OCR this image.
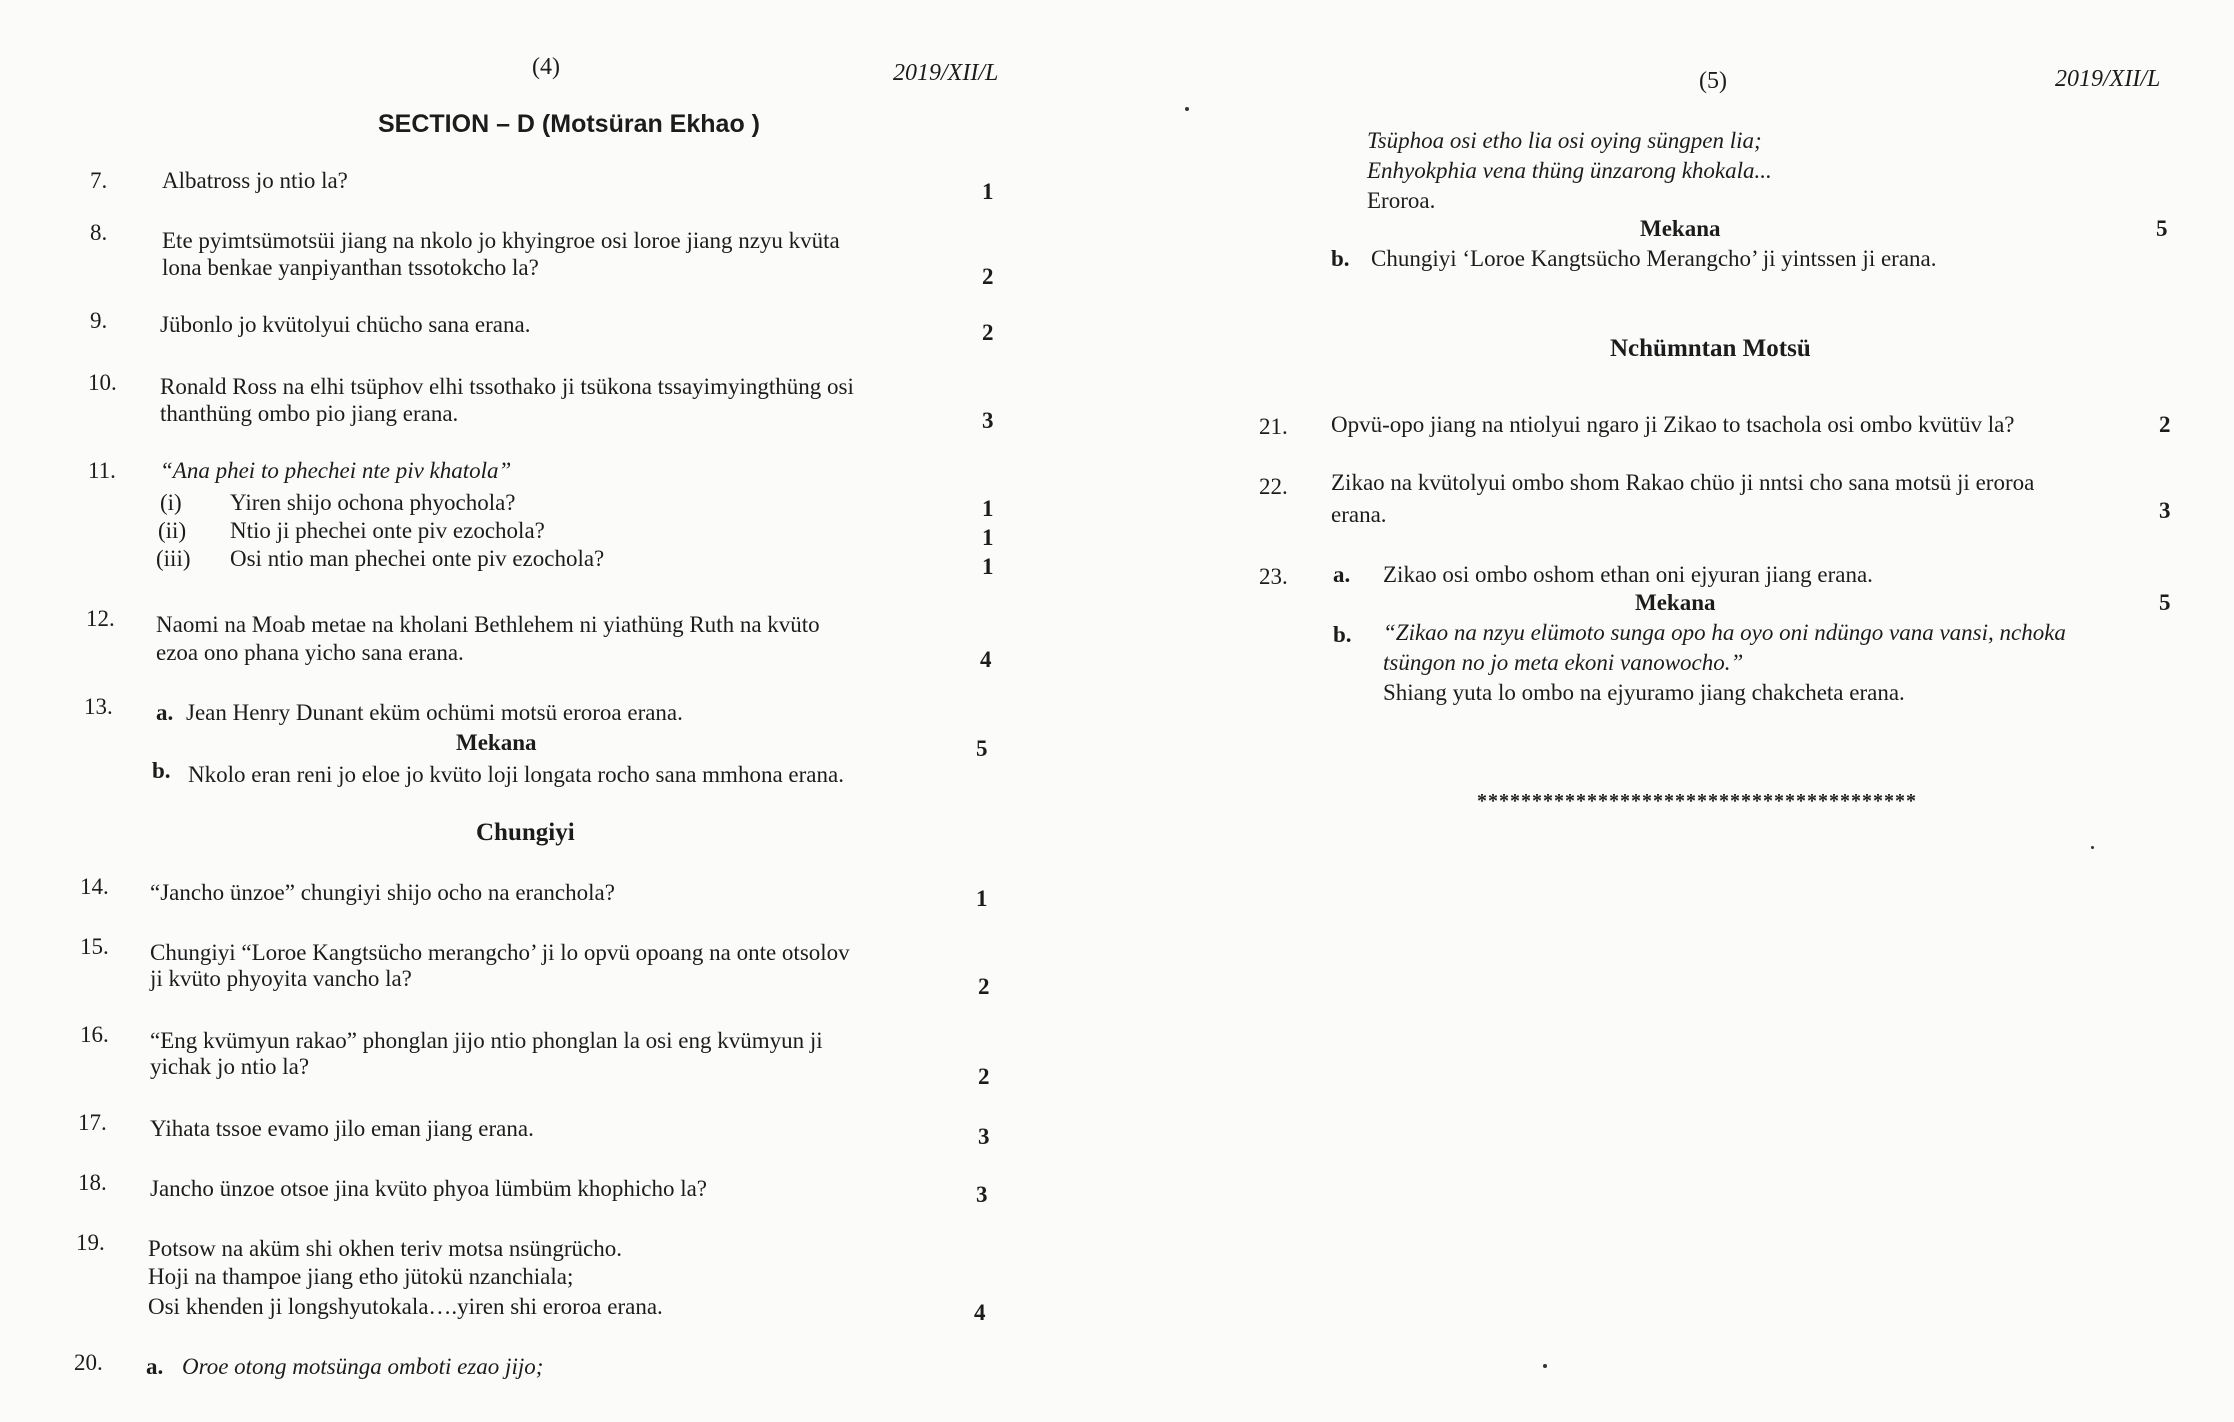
(4)	2019/XII/L
SECTION – D (Motsüran Ekhao )
7. Albatross jo ntio la?	1
8. Ete pyimtsümotsüi jiang na nkolo jo khyingroe osi loroe jiang nzyu kvüta
lona benkae yanpiyanthan tssotokcho la?	2
9. Jübonlo jo kvütolyui chücho sana erana.	2
10. Ronald Ross na elhi tsüphov elhi tssothako ji tsükona tssayimyingthüng osi
thanthüng ombo pio jiang erana.	3
11. “Ana phei to phechei nte piv khatola”
(i) Yiren shijo ochona phyochola?	1
(ii) Ntio ji phechei onte piv ezochola?	1
(iii) Osi ntio man phechei onte piv ezochola?	1
12. Naomi na Moab metae na kholani Bethlehem ni yiathüng Ruth na kvüto
ezoa ono phana yicho sana erana.	4
13. a. Jean Henry Dunant eküm ochümi motsü eroroa erana.
Mekana	5
b. Nkolo eran reni jo eloe jo kvüto loji longata rocho sana mmhona erana.
Chungiyi
14. “Jancho ünzoe” chungiyi shijo ocho na eranchola?	1
15. Chungiyi “Loroe Kangtsücho merangcho’ ji lo opvü opoang na onte otsolov
ji kvüto phyoyita vancho la?	2
16. “Eng kvümyun rakao” phonglan jijo ntio phonglan la osi eng kvümyun ji
yichak jo ntio la?	2
17. Yihata tssoe evamo jilo eman jiang erana.	3
18. Jancho ünzoe otsoe jina kvüto phyoa lümbüm khophicho la?	3
19. Potsow na aküm shi okhen teriv motsa nsüngrücho.
Hoji na thampoe jiang etho jütokü nzanchiala;
Osi khenden ji longshyutokala….yiren shi eroroa erana.	4
20. a. Oroe otong motsünga omboti ezao jijo;
(5)	2019/XII/L
Tsüphoa osi etho lia osi oying süngpen lia;
Enhyokphia vena thüng ünzarong khokala...
Eroroa.
Mekana	5
b. Chungiyi ‘Loroe Kangtsücho Merangcho’ ji yintssen ji erana.
Nchümntan Motsü
21. Opvü-opo jiang na ntiolyui ngaro ji Zikao to tsachola osi ombo kvütüv la?	2
22. Zikao na kvütolyui ombo shom Rakao chüo ji nntsi cho sana motsü ji eroroa
erana.	3
23. a. Zikao osi ombo oshom ethan oni ejyuran jiang erana.
Mekana	5
b. “Zikao na nzyu elümoto sunga opo ha oyo oni ndüngo vana vansi, nchoka
tsüngon no jo meta ekoni vanowocho.”
Shiang yuta lo ombo na ejyuramo jiang chakcheta erana.
****************************************
